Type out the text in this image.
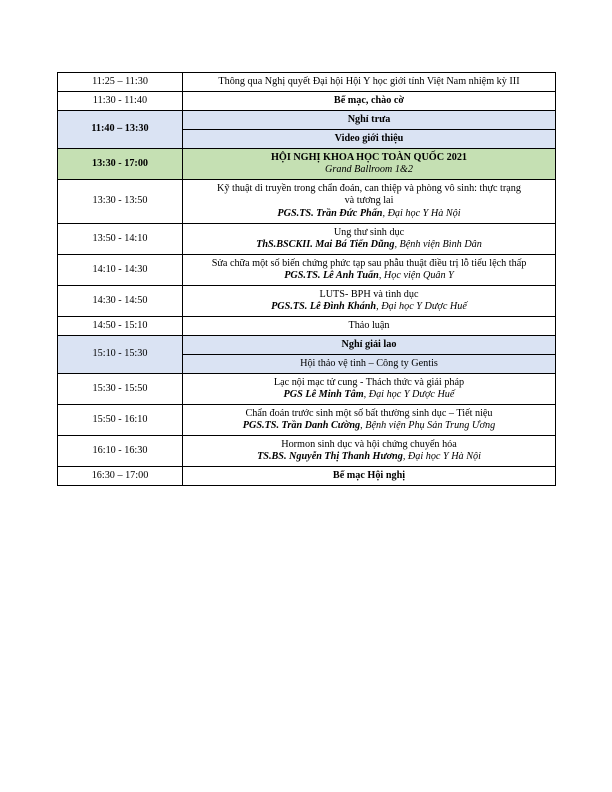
11:25 – 11:30	Thông qua Nghị quyết Đại hội Hội Y học giới tính Việt Nam nhiệm kỳ III
11:30 - 11:40	Bế mạc, chào cờ
11:40 – 13:30	Nghỉ trưa
	Video giới thiệu
13:30 - 17:00	HỘI NGHỊ KHOA HỌC TOÀN QUỐC 2021
Grand Ballroom 1&2

13:30 - 13:50	Kỹ thuật di truyền trong chẩn đoán, can thiệp và phòng vô sinh: thực trạng
và tương lai
PGS.TS. Trần Đức Phấn, Đại học Y Hà Nội

13:50 - 14:10	Ung thư sinh dục
ThS.BSCKII. Mai Bá Tiến Dũng, Bệnh viện Bình Dân

14:10 - 14:30	Sửa chữa một số biến chứng phức tạp sau phẫu thuật điều trị lỗ tiểu lệch thấp
PGS.TS. Lê Anh Tuấn, Học viện Quân Y

14:30 - 14:50	LUTS- BPH và tình dục
PGS.TS. Lê Đình Khánh, Đại học Y Dược Huế

14:50 - 15:10	Thảo luận
15:10 - 15:30	Nghỉ giải lao
	Hội thảo vệ tinh – Công ty Gentis
15:30 - 15:50	Lạc nội mạc tử cung - Thách thức và giải pháp
PGS Lê Minh Tâm, Đại học Y Dược Huế

15:50 - 16:10	Chẩn đoán trước sinh một số bất thường sinh dục – Tiết niệu
PGS.TS. Trần Danh Cường, Bệnh viện Phụ Sản Trung Ương

16:10 - 16:30	Hormon sinh dục và hội chứng chuyển hóa
TS.BS. Nguyễn Thị Thanh Hương, Đại học Y Hà Nội

16:30 – 17:00	Bế mạc Hội nghị
